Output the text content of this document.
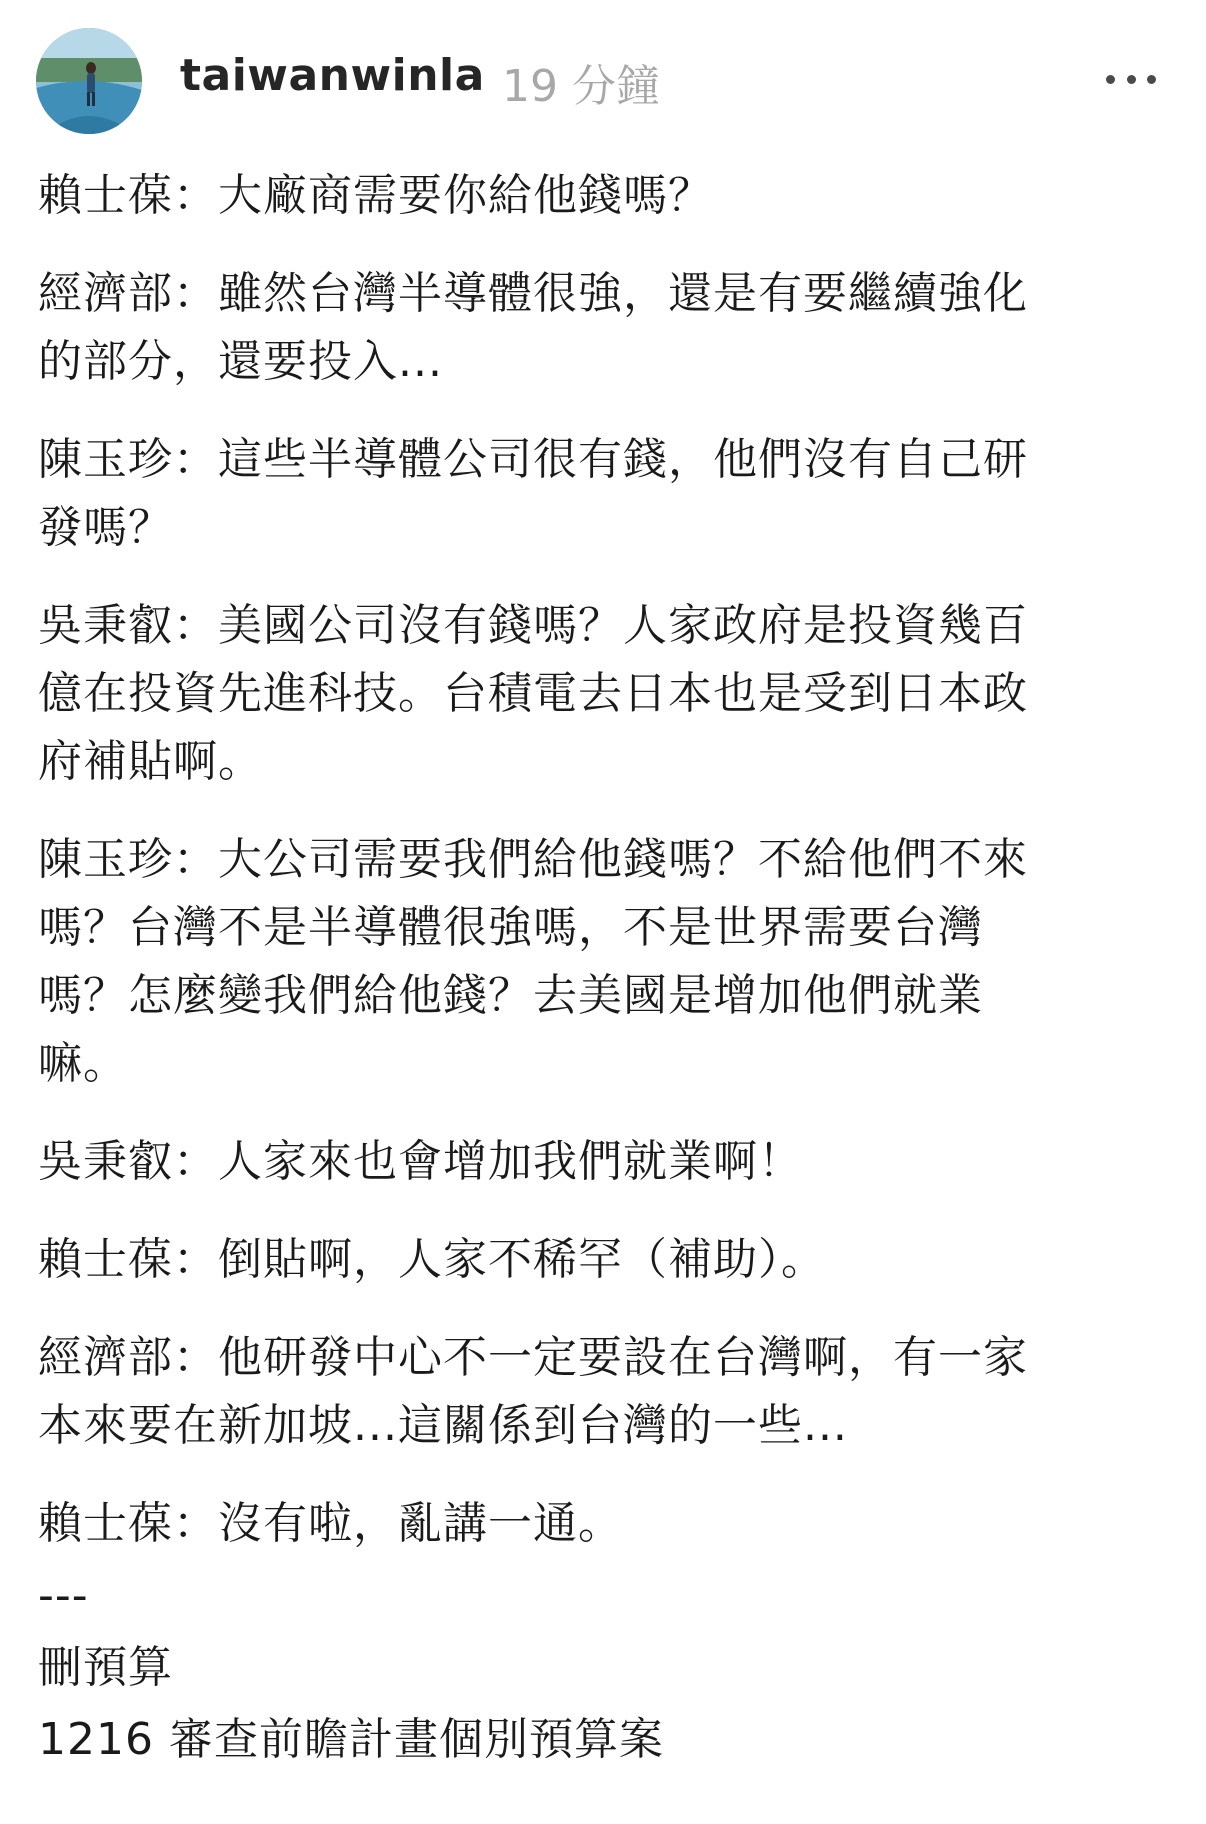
taiwanwinla 19 分鐘

賴士葆：大廠商需要你給他錢嗎？

經濟部：雖然台灣半導體很強，還是有要繼續強化
的部分，還要投入...

陳玉珍：這些半導體公司很有錢，他們沒有自己研
發嗎？

吳秉叡：美國公司沒有錢嗎？人家政府是投資幾百
億在投資先進科技。台積電去日本也是受到日本政
府補貼啊。

陳玉珍：大公司需要我們給他錢嗎？不給他們不來
嗎？台灣不是半導體很強嗎，不是世界需要台灣
嗎？怎麼變我們給他錢？去美國是增加他們就業
嘛。

吳秉叡：人家來也會增加我們就業啊！

賴士葆：倒貼啊，人家不稀罕（補助）。

經濟部：他研發中心不一定要設在台灣啊，有一家
本來要在新加坡...這關係到台灣的一些...

賴士葆：沒有啦，亂講一通。

---

刪預算

1216 審查前瞻計畫個別預算案
